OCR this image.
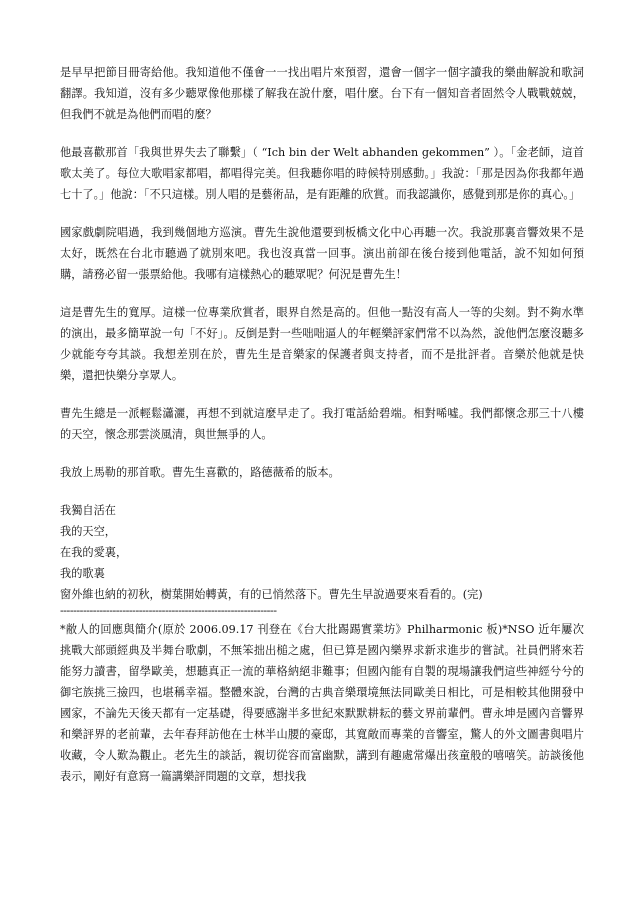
是早早把節目冊寄給他。我知道他不僅會一一找出唱片來預習，還會一個字一個字讀我的樂曲解說和歌詞翻譯。我知道，沒有多少聽眾像他那樣了解我在說什麼，唱什麼。台下有一個知音者固然令人戰戰兢兢，但我們不就是為他們而唱的麼？

他最喜歡那首「我與世界失去了聯繫」（ “Ich bin der Welt abhanden gekommen” ）。「金老師，這首歌太美了。每位大歌唱家都唱，都唱得完美。但我聽你唱的時候特別感動。」我說：「那是因為你我都年過七十了。」他說：「不只這樣。別人唱的是藝術品，是有距離的欣賞。而我認識你，感覺到那是你的真心。」

國家戲劇院唱過，我到幾個地方巡演。曹先生說他還要到板橋文化中心再聽一次。我說那裏音響效果不是太好，既然在台北市聽過了就別來吧。我也沒真當一回事。演出前卻在後台接到他電話，說不知如何預購，請務必留一張票給他。我哪有這樣熱心的聽眾呢？何況是曹先生！

這是曹先生的寬厚。這樣一位專業欣賞者，眼界自然是高的。但他一點沒有高人一等的尖刻。對不夠水準的演出，最多簡單說一句「不好」。反倒是對一些咄咄逼人的年輕樂評家們常不以為然，說他們怎麼沒聽多少就能夸夸其談。我想差別在於，曹先生是音樂家的保護者與支持者，而不是批評者。音樂於他就是快樂，還把快樂分享眾人。

曹先生總是一派輕鬆瀟灑，再想不到就這麼早走了。我打電話給碧端。相對唏噓。我們都懷念那三十八樓的天空，懷念那雲淡風清，與世無爭的人。

我放上馬勒的那首歌。曹先生喜歡的，路德薇希的版本。

我獨自活在
我的天空，
在我的愛裏，
我的歌裏
窗外維也納的初秋，樹葉開始轉黃，有的已悄然落下。曹先生早說過要來看看的。(完)
------------------------------------------------------------------

*敝人的回應與簡介(原於 2006.09.17 刊登在《台大批踢踢實業坊》Philharmonic 板)*NSO 近年屢次挑戰大部頭經典及半舞台歌劇，不無笨拙出槌之處，但已算是國內樂界求新求進步的嘗試。社員們將來若能努力讀書，留學歐美，想聽真正一流的華格納絕非難事；但國內能有自製的現場讓我們這些神經兮兮的御宅族挑三撿四，也堪稱幸福。整體來說，台灣的古典音樂環境無法同歐美日相比，可是相較其他開發中國家，不論先天後天都有一定基礎，得要感謝半多世紀來默默耕耘的藝文界前輩們。曹永坤是國內音響界和樂評界的老前輩，去年春拜訪他在士林半山腰的豪邸，其寬敞而專業的音響室，驚人的外文圖書與唱片收藏，令人歎為觀止。老先生的談話，親切從容而富幽默，講到有趣處常爆出孩童般的嘻嘻笑。訪談後他表示，剛好有意寫一篇講樂評問題的文章，想找我
